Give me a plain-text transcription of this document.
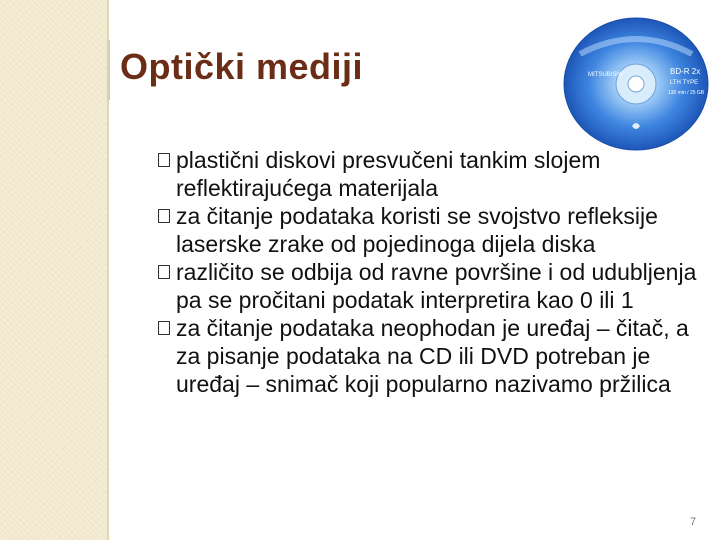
Optički mediji	MITSUBISHI	BD-R 2x
LTH TYPE
130 min / 25 GB
plastični diskovi presvučeni tankim slojem reflektirajućega materijala
za čitanje podataka koristi se svojstvo refleksije laserske zrake od pojedinoga dijela diska
različito se odbija od ravne površine i od udubljenja pa se pročitani podatak interpretira kao 0 ili 1
za čitanje podataka neophodan je uređaj – čitač, a za pisanje podataka na CD ili DVD potreban je uređaj – snimač koji popularno nazivamo pržilica
7
